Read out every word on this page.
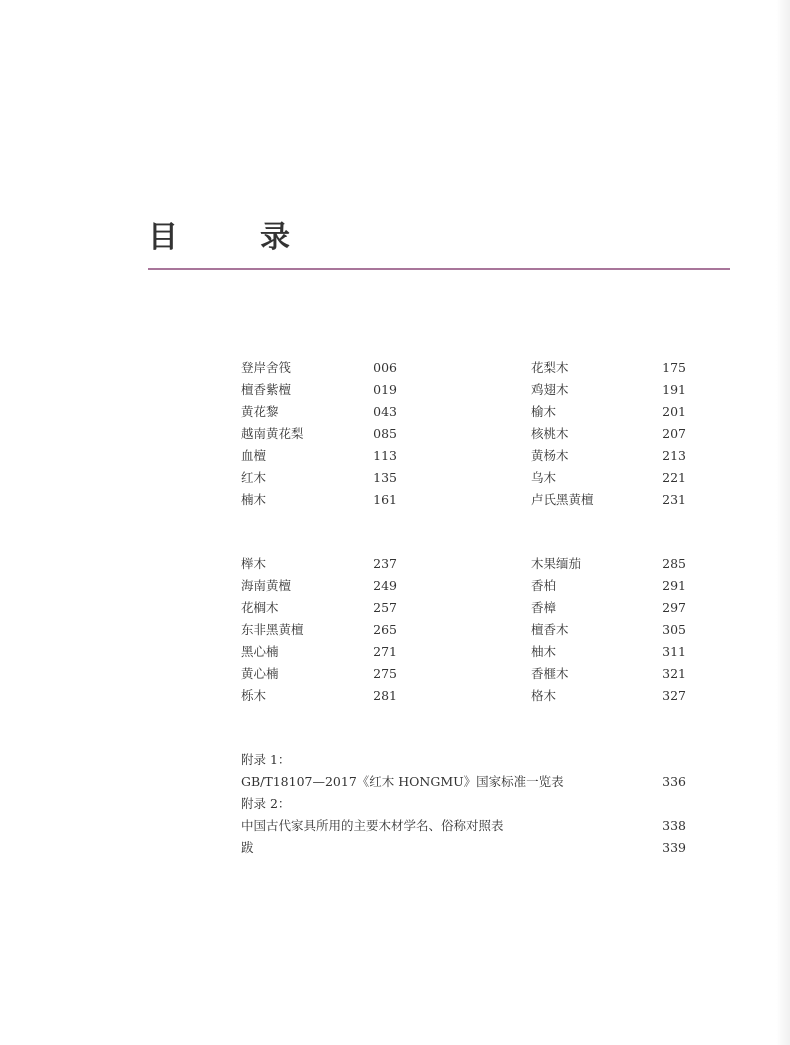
目　录
登岸舍筏	006
檀香紫檀	019
黄花黎	043
越南黄花梨	085
血檀	113
红木	135
楠木	161
花梨木	175
鸡翅木	191
榆木	201
核桃木	207
黄杨木	213
乌木	221
卢氏黑黄檀	231
榉木	237
海南黄檀	249
花榈木	257
东非黑黄檀	265
黑心楠	271
黄心楠	275
栎木	281
木果缅茄	285
香柏	291
香樟	297
檀香木	305
柚木	311
香榧木	321
格木	327
附录 1：
GB/T18107—2017《红木 HONGMU》国家标准一览表	336
附录 2：
中国古代家具所用的主要木材学名、俗称对照表	338
跋	339
